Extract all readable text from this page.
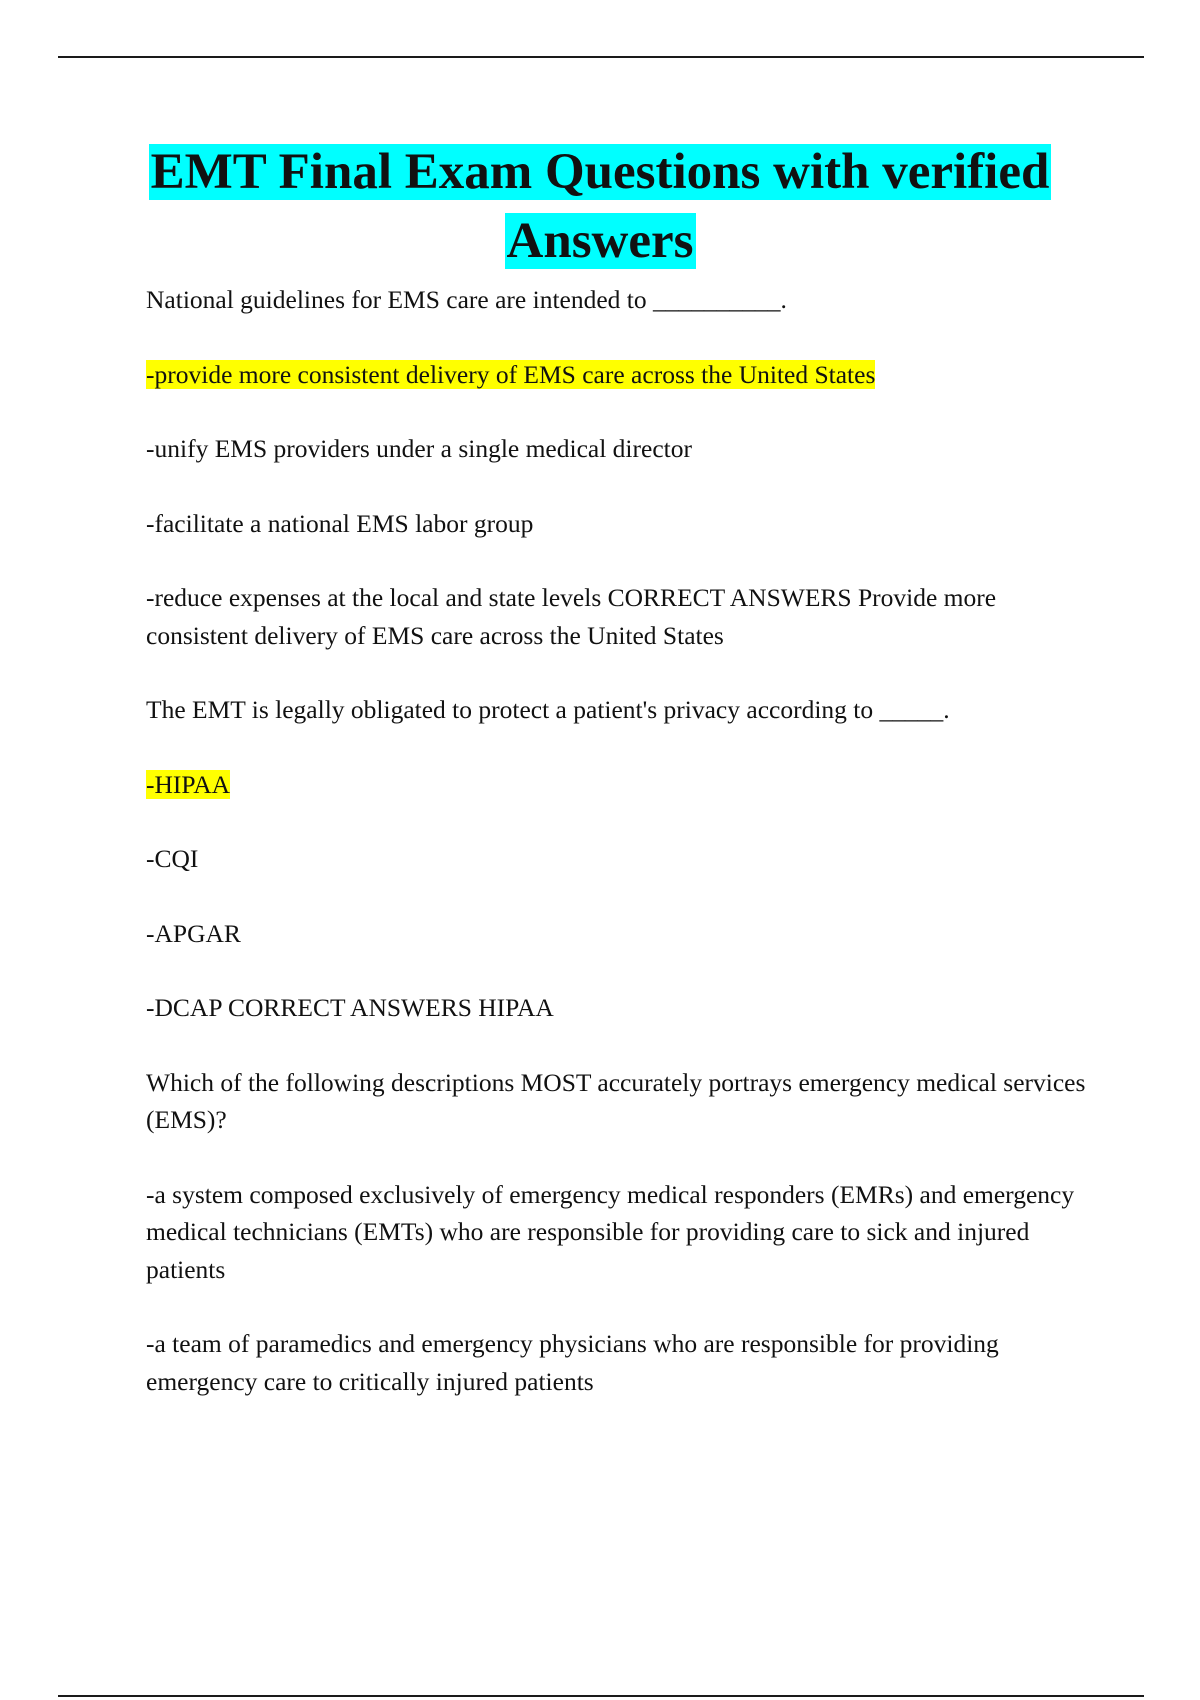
EMT Final Exam Questions with verified
Answers

National guidelines for EMS care are intended to __________.

-provide more consistent delivery of EMS care across the United States

-unify EMS providers under a single medical director

-facilitate a national EMS labor group

-reduce expenses at the local and state levels CORRECT ANSWERS Provide more consistent delivery of EMS care across the United States

The EMT is legally obligated to protect a patient's privacy according to _____.

-HIPAA

-CQI

-APGAR

-DCAP CORRECT ANSWERS HIPAA

Which of the following descriptions MOST accurately portrays emergency medical services (EMS)?

-a system composed exclusively of emergency medical responders (EMRs) and emergency medical technicians (EMTs) who are responsible for providing care to sick and injured patients

-a team of paramedics and emergency physicians who are responsible for providing emergency care to critically injured patients
